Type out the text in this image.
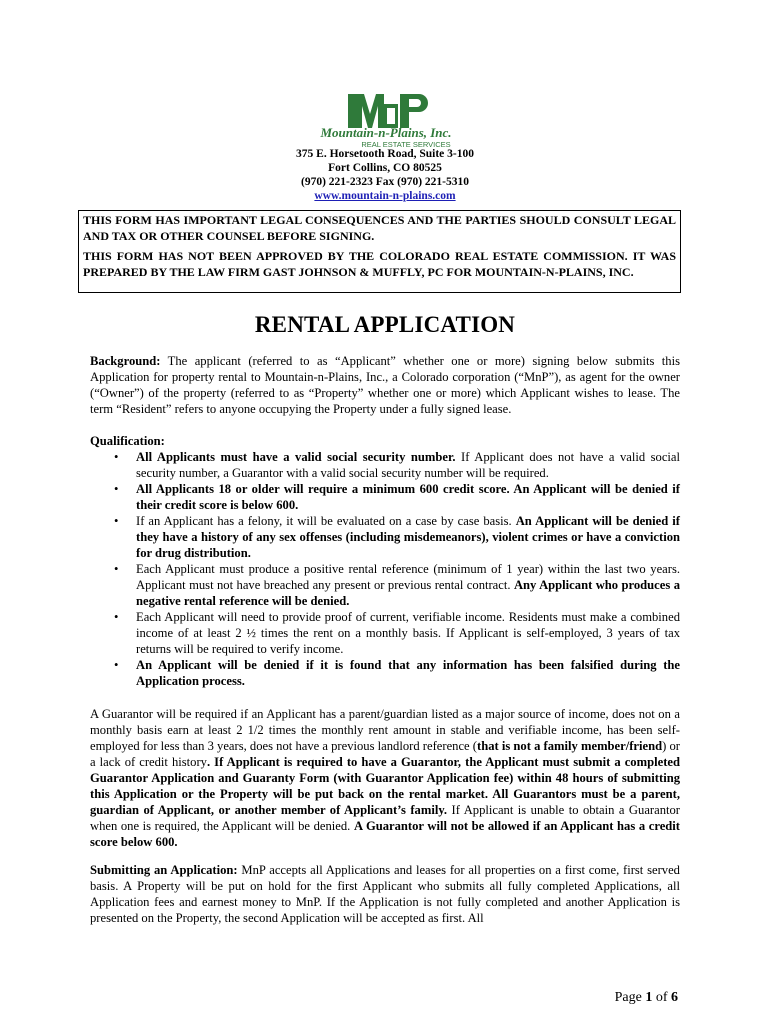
Mountain-n-Plains, Inc.
REAL ESTATE SERVICES
375 E. Horsetooth Road, Suite 3-100
Fort Collins, CO 80525
(970) 221-2323 Fax (970) 221-5310
www.mountain-n-plains.com

THIS FORM HAS IMPORTANT LEGAL CONSEQUENCES AND THE PARTIES SHOULD CONSULT LEGAL AND TAX OR OTHER COUNSEL BEFORE SIGNING.

THIS FORM HAS NOT BEEN APPROVED BY THE COLORADO REAL ESTATE COMMISSION. IT WAS PREPARED BY THE LAW FIRM GAST JOHNSON & MUFFLY, PC FOR MOUNTAIN-N-PLAINS, INC.

RENTAL APPLICATION

Background: The applicant (referred to as “Applicant” whether one or more) signing below submits this Application for property rental to Mountain-n-Plains, Inc., a Colorado corporation (“MnP”), as agent for the owner (“Owner”) of the property (referred to as “Property” whether one or more) which Applicant wishes to lease. The term “Resident” refers to anyone occupying the Property under a fully signed lease.

Qualification:

• All Applicants must have a valid social security number. If Applicant does not have a valid social security number, a Guarantor with a valid social security number will be required.
• All Applicants 18 or older will require a minimum 600 credit score. An Applicant will be denied if their credit score is below 600.
• If an Applicant has a felony, it will be evaluated on a case by case basis. An Applicant will be denied if they have a history of any sex offenses (including misdemeanors), violent crimes or have a conviction for drug distribution.
• Each Applicant must produce a positive rental reference (minimum of 1 year) within the last two years. Applicant must not have breached any present or previous rental contract. Any Applicant who produces a negative rental reference will be denied.
• Each Applicant will need to provide proof of current, verifiable income. Residents must make a combined income of at least 2 ½ times the rent on a monthly basis. If Applicant is self-employed, 3 years of tax returns will be required to verify income.
• An Applicant will be denied if it is found that any information has been falsified during the Application process.

A Guarantor will be required if an Applicant has a parent/guardian listed as a major source of income, does not on a monthly basis earn at least 2 1/2 times the monthly rent amount in stable and verifiable income, has been self-employed for less than 3 years, does not have a previous landlord reference (that is not a family member/friend) or a lack of credit history. If Applicant is required to have a Guarantor, the Applicant must submit a completed Guarantor Application and Guaranty Form (with Guarantor Application fee) within 48 hours of submitting this Application or the Property will be put back on the rental market. All Guarantors must be a parent, guardian of Applicant, or another member of Applicant’s family. If Applicant is unable to obtain a Guarantor when one is required, the Applicant will be denied. A Guarantor will not be allowed if an Applicant has a credit score below 600.

Submitting an Application: MnP accepts all Applications and leases for all properties on a first come, first served basis. A Property will be put on hold for the first Applicant who submits all fully completed Applications, all Application fees and earnest money to MnP. If the Application is not fully completed and another Application is presented on the Property, the second Application will be accepted as first. All

Page 1 of 6
